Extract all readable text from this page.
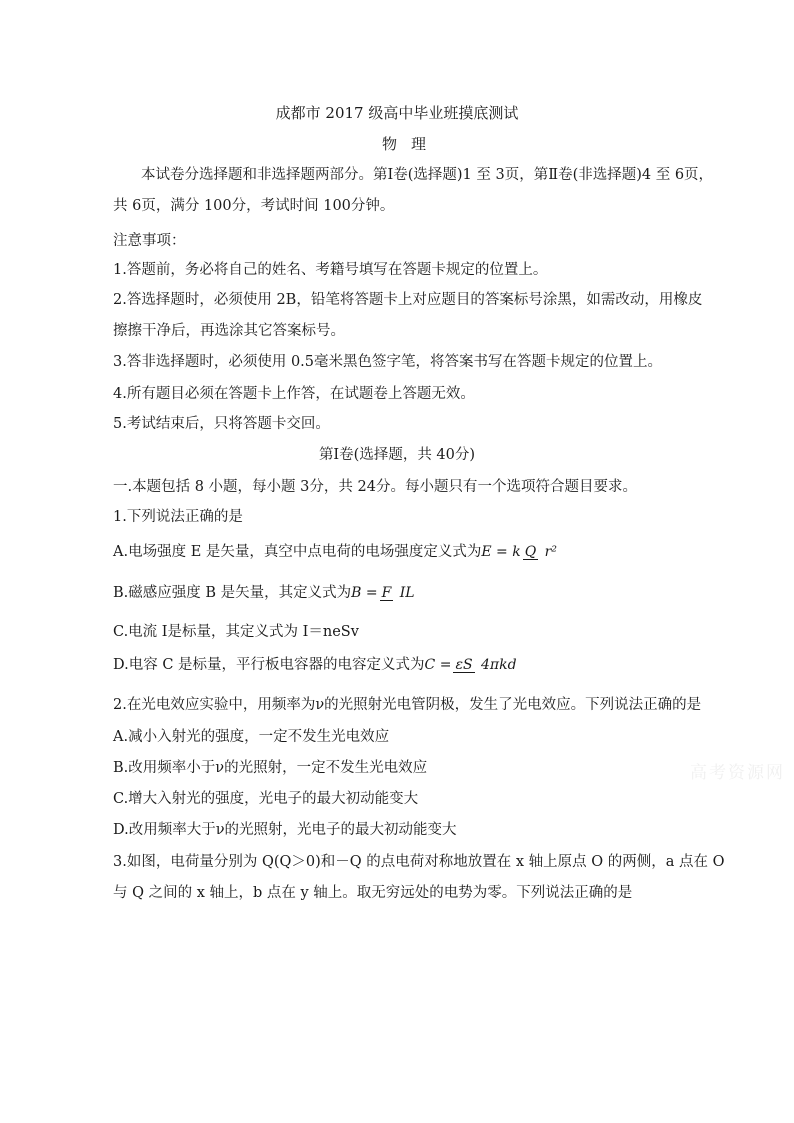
成都市 2017 级高中毕业班摸底测试
物理
本试卷分选择题和非选择题两部分。第Ⅰ卷(选择题)1 至 3页，第Ⅱ卷(非选择题)4 至 6页，
共 6页，满分 100分，考试时间 100分钟。
注意事项：
1.答题前，务必将自己的姓名、考籍号填写在答题卡规定的位置上。
2.答选择题时，必须使用 2B，铅笔将答题卡上对应题目的答案标号涂黑，如需改动，用橡皮
擦擦干净后，再选涂其它答案标号。
3.答非选择题时，必须使用 0.5毫米黑色签字笔，将答案书写在答题卡规定的位置上。
4.所有题目必须在答题卡上作答，在试题卷上答题无效。
5.考试结束后，只将答题卡交回。
第Ⅰ卷(选择题，共 40分)
一.本题包括 8 小题，每小题 3分，共 24分。每小题只有一个选项符合题目要求。
1.下列说法正确的是
A.电场强度 E 是矢量，真空中点电荷的电场强度定义式为 E = k Q r²
B.磁感应强度 B 是矢量，其定义式为 B = F IL
C.电流 I是标量，其定义式为 I＝neSv
D.电容 C 是标量，平行板电容器的电容定义式为 C = εS 4πkd
2.在光电效应实验中，用频率为ν的光照射光电管阴极，发生了光电效应。下列说法正确的是
A.减小入射光的强度，一定不发生光电效应
B.改用频率小于ν的光照射，一定不发生光电效应
C.增大入射光的强度，光电子的最大初动能变大
D.改用频率大于ν的光照射，光电子的最大初动能变大
3.如图，电荷量分别为 Q(Q＞0)和－Q 的点电荷对称地放置在 x 轴上原点 O 的两侧，a 点在 O
与 Q 之间的 x 轴上，b 点在 y 轴上。取无穷远处的电势为零。下列说法正确的是
高考资源网
